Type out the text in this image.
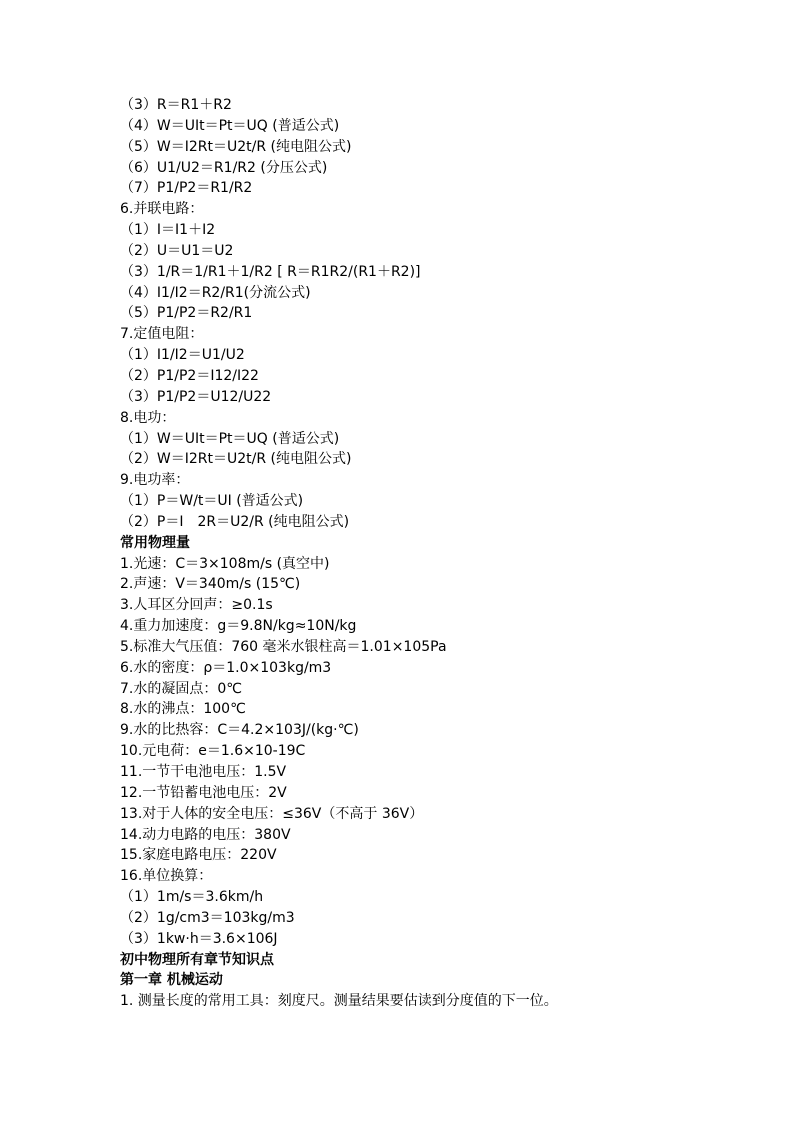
（3）R＝R1＋R2
（4）W＝UIt＝Pt＝UQ (普适公式)
（5）W＝I2Rt＝U2t/R (纯电阻公式)
（6）U1/U2＝R1/R2 (分压公式)
（7）P1/P2＝R1/R2
6.并联电路：
（1）I＝I1＋I2
（2）U＝U1＝U2
（3）1/R＝1/R1＋1/R2 [ R＝R1R2/(R1＋R2)]
（4）I1/I2＝R2/R1(分流公式)
（5）P1/P2＝R2/R1
7.定值电阻：
（1）I1/I2＝U1/U2
（2）P1/P2＝I12/I22
（3）P1/P2＝U12/U22
8.电功：
（1）W＝UIt＝Pt＝UQ (普适公式)
（2）W＝I2Rt＝U2t/R (纯电阻公式)
9.电功率：
（1）P＝W/t＝UI (普适公式)
（2）P＝I　2R＝U2/R (纯电阻公式)
常用物理量
1.光速：C＝3×108m/s (真空中)
2.声速：V＝340m/s (15℃)
3.人耳区分回声：≥0.1s
4.重力加速度：g＝9.8N/kg≈10N/kg
5.标准大气压值：760 毫米水银柱高＝1.01×105Pa
6.水的密度：ρ＝1.0×103kg/m3
7.水的凝固点：0℃
8.水的沸点：100℃
9.水的比热容：C＝4.2×103J/(kg·℃)
10.元电荷：e＝1.6×10-19C
11.一节干电池电压：1.5V
12.一节铅蓄电池电压：2V
13.对于人体的安全电压：≤36V（不高于 36V）
14.动力电路的电压：380V
15.家庭电路电压：220V
16.单位换算：
（1）1m/s＝3.6km/h
（2）1g/cm3＝103kg/m3
（3）1kw·h＝3.6×106J
初中物理所有章节知识点
第一章 机械运动
1. 测量长度的常用工具：刻度尺。测量结果要估读到分度值的下一位。
